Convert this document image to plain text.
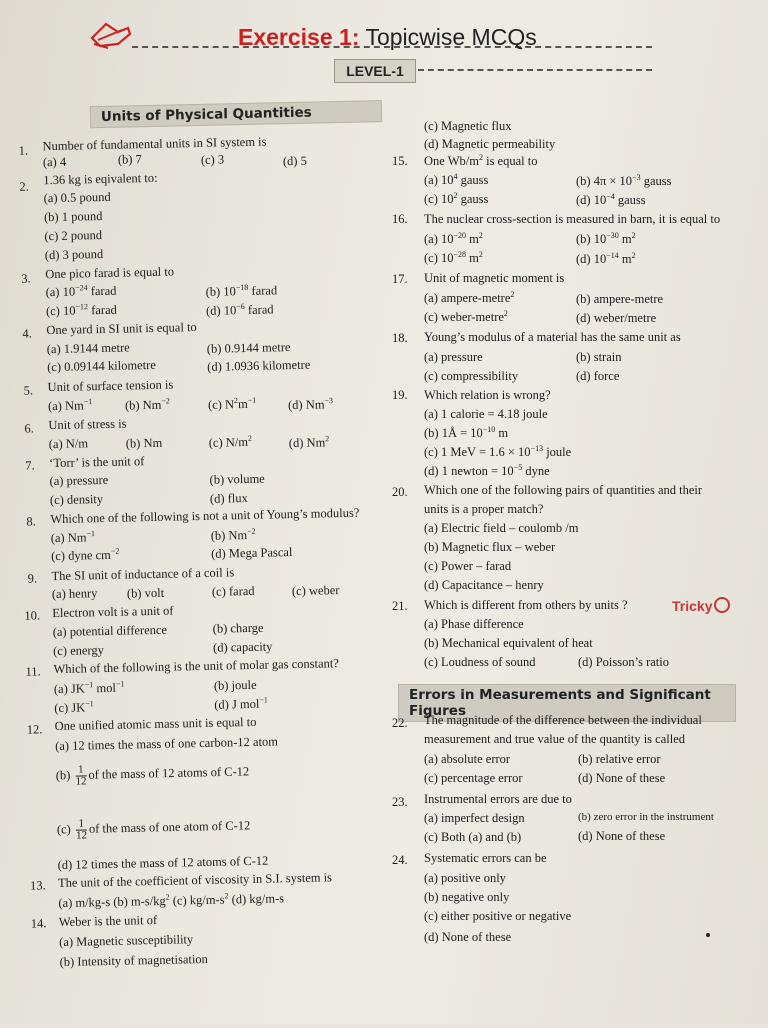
Exercise 1: Topicwise MCQs
LEVEL-1
Units of Physical Quantities
1. Number of fundamental units in SI system is
(a) 4	(b) 7	(c) 3	(d) 5
2. 1.36 kg is eqivalent to:
(a) 0.5 pound
(b) 1 pound
(c) 2 pound
(d) 3 pound
3. One pico farad is equal to
(a) $10^{-24}$ farad	(b) $10^{-18}$ farad
(c) $10^{-12}$ farad	(d) $10^{-6}$ farad
4. One yard in SI unit is equal to
(a) 1.9144 metre	(b) 0.9144 metre
(c) 0.09144 kilometre	(d) 1.0936 kilometre
5. Unit of surface tension is
(a) $Nm^{-1}$	(b) $Nm^{-2}$	(c) $N^2m^{-1}$	(d) $Nm^{-3}$
6. Unit of stress is
(a) N/m	(b) Nm	(c) $N/m^2$	(d) Nm$^2$
7. ‘Torr’ is the unit of
(a) pressure	(b) volume
(c) density	(d) flux
8. Which one of the following is not a unit of Young’s modulus?
(a) $Nm^{-1}$	(b) $Nm^{-2}$
(c) dyne $cm^{-2}$	(d) Mega Pascal
9. The SI unit of inductance of a coil is
(a) henry (b) volt	(c) farad	(c) weber
10. Electron volt is a unit of
(a) potential difference	(b) charge
(c) energy	(d) capacity
11. Which of the following is the unit of molar gas constant?
(a) $JK^{-1}$ mol$^{-1}$	(b) joule
(c) $JK^{-1}$	(d) J mol$^{-1}$
12. One unified atomic mass unit is equal to
(a) 12 times the mass of one carbon-12 atom
$(b) \frac{1}{12}$ of the mass of 12 atoms of C-12
$(c) \frac{1}{12}$ of the mass of one atom of C-12
(d) 12 times the mass of 12 atoms of C-12
13. The unit of the coefficient of viscosity in S.I. system is
(a) m/kg-s (b) $m-s/kg^2$ (c) $kg/m-s^2$ (d) kg/m-s
14. Weber is the unit of
(a) Magnetic susceptibility
(b) Intensity of magnetisation
(c) Magnetic flux
(d) Magnetic permeability
15. One $Wb/m^2$ is equal to
(a) $10^4$ gauss	(b) $4\pi \times 10^{-3}$ gauss
(c) $10^2$ gauss	(d) $10^{-4}$ gauss
16. The nuclear cross-section is measured in barn, it is equal to
(a) $10^{-20}$ $m^2$	(b) $10^{-30}$ $m^2$
(c) $10^{-28}$ $m^2$	(d) $10^{-14}$ $m^2$
17. Unit of magnetic moment is
(a) ampere-metre$^2$	(b) ampere-metre
(c) weber-metre$^2$	(d) weber/metre
18. Young’s modulus of a material has the same unit as
(a) pressure	(b) strain
(c) compressibility	(d) force
19. Which relation is wrong?
(a) 1 calorie = 4.18 joule
(b) 1Å = $10^{-10}$ m
(c) 1 MeV = $1.6 \times 10^{-13}$ joule
(d) 1 newton = $10^{-5}$ dyne
20. Which one of the following pairs of quantities and their
units is a proper match?
(a) Electric field – coulomb /m
(b) Magnetic flux – weber
(c) Power – farad
(d) Capacitance – henry
21. Which is different from others by units ?	Tricky
(a) Phase difference
(b) Mechanical equivalent of heat
(c) Loudness of sound	(d) Poisson’s ratio
Errors in Measurements and Significant Figures
22. The magnitude of the difference between the individual
measurement and true value of the quantity is called
(a) absolute error	(b) relative error
(c) percentage error	(d) None of these
23. Instrumental errors are due to
(a) imperfect design	(b) zero error in the instrument
(c) Both (a) and (b)	(d) None of these
24. Systematic errors can be
(a) positive only
(b) negative only
(c) either positive or negative
(d) None of these
